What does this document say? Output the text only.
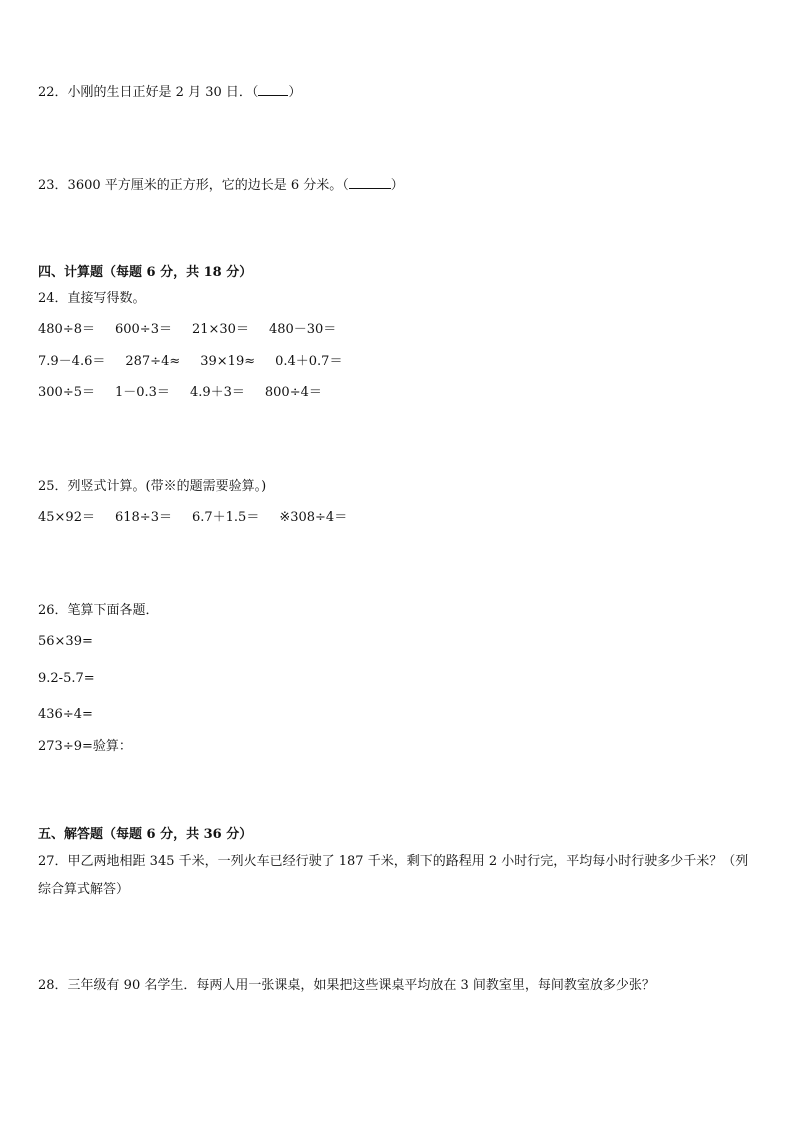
22．小刚的生日正好是 2 月 30 日．（ ）
23．3600 平方厘米的正方形，它的边长是 6 分米。（	）
四、计算题（每题 6 分，共 18 分）
24．直接写得数。
480÷8＝ 600÷3＝ 21×30＝ 480－30＝
7.9－4.6＝ 287÷4≈ 39×19≈ 0.4＋0.7＝
300÷5＝ 1－0.3＝ 4.9＋3＝ 800÷4＝
25．列竖式计算。(带※的题需要验算。)
45×92＝ 618÷3＝ 6.7＋1.5＝ ※308÷4＝
26．笔算下面各题．
56×39=
9.2-5.7=
436÷4=
273÷9=验算：
五、解答题（每题 6 分，共 36 分）
27．甲乙两地相距 345 千米，一列火车已经行驶了 187 千米，剩下的路程用 2 小时行完，平均每小时行驶多少千米？（列综合算式解答）
28．三年级有 90 名学生．每两人用一张课桌，如果把这些课桌平均放在 3 间教室里，每间教室放多少张？
